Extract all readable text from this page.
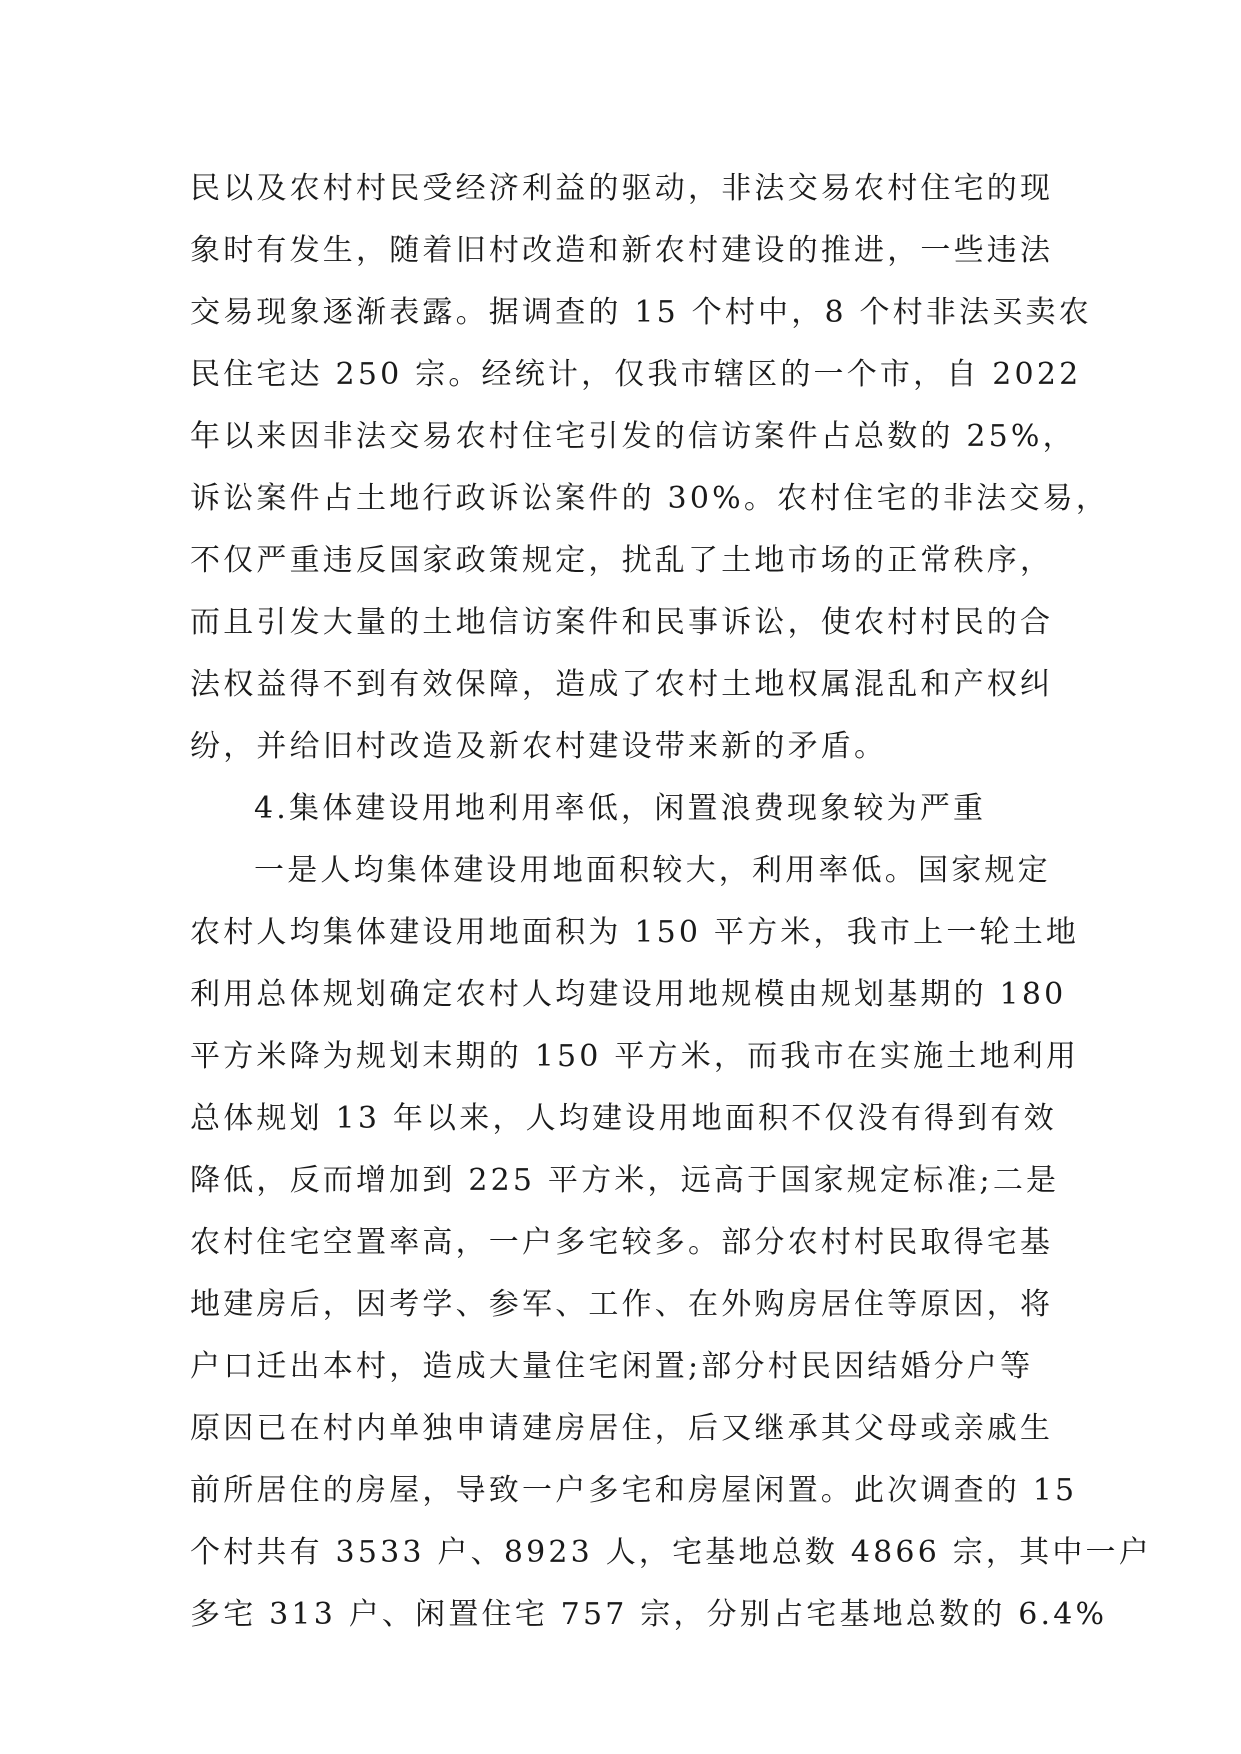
民以及农村村民受经济利益的驱动，非法交易农村住宅的现
象时有发生，随着旧村改造和新农村建设的推进，一些违法
交易现象逐渐表露。据调查的 15 个村中，8 个村非法买卖农
民住宅达 250 宗。经统计，仅我市辖区的一个市，自 2022
年以来因非法交易农村住宅引发的信访案件占总数的 25%，
诉讼案件占土地行政诉讼案件的 30%。农村住宅的非法交易，
不仅严重违反国家政策规定，扰乱了土地市场的正常秩序，
而且引发大量的土地信访案件和民事诉讼，使农村村民的合
法权益得不到有效保障，造成了农村土地权属混乱和产权纠
纷，并给旧村改造及新农村建设带来新的矛盾。
4.集体建设用地利用率低，闲置浪费现象较为严重
一是人均集体建设用地面积较大，利用率低。国家规定
农村人均集体建设用地面积为 150 平方米，我市上一轮土地
利用总体规划确定农村人均建设用地规模由规划基期的 180
平方米降为规划末期的 150 平方米，而我市在实施土地利用
总体规划 13 年以来，人均建设用地面积不仅没有得到有效
降低，反而增加到 225 平方米，远高于国家规定标准;二是
农村住宅空置率高，一户多宅较多。部分农村村民取得宅基
地建房后，因考学、参军、工作、在外购房居住等原因，将
户口迁出本村，造成大量住宅闲置;部分村民因结婚分户等
原因已在村内单独申请建房居住，后又继承其父母或亲戚生
前所居住的房屋，导致一户多宅和房屋闲置。此次调查的 15
个村共有 3533 户、8923 人，宅基地总数 4866 宗，其中一户
多宅 313 户、闲置住宅 757 宗，分别占宅基地总数的 6.4%
